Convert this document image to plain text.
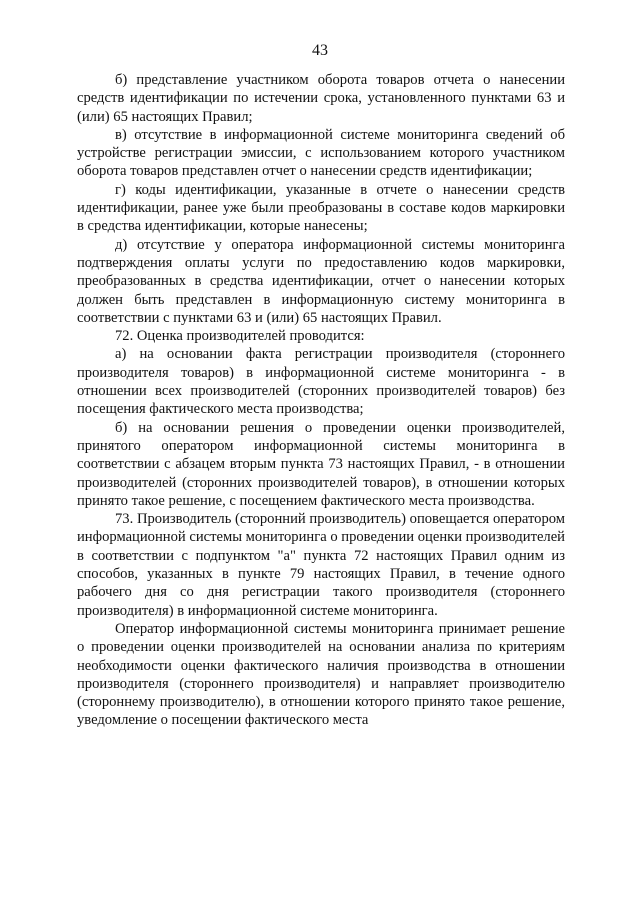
43

б) представление участником оборота товаров отчета о нанесении средств идентификации по истечении срока, установленного пунктами 63 и (или) 65 настоящих Правил;

в) отсутствие в информационной системе мониторинга сведений об устройстве регистрации эмиссии, с использованием которого участником оборота товаров представлен отчет о нанесении средств идентификации;

г) коды идентификации, указанные в отчете о нанесении средств идентификации, ранее уже были преобразованы в составе кодов маркировки в средства идентификации, которые нанесены;

д) отсутствие у оператора информационной системы мониторинга подтверждения оплаты услуги по предоставлению кодов маркировки, преобразованных в средства идентификации, отчет о нанесении которых должен быть представлен в информационную систему мониторинга в соответствии с пунктами 63 и (или) 65 настоящих Правил.

72. Оценка производителей проводится:

а) на основании факта регистрации производителя (стороннего производителя товаров) в информационной системе мониторинга - в отношении всех производителей (сторонних производителей товаров) без посещения фактического места производства;

б) на основании решения о проведении оценки производителей, принятого оператором информационной системы мониторинга в соответствии с абзацем вторым пункта 73 настоящих Правил, - в отношении производителей (сторонних производителей товаров), в отношении которых принято такое решение, с посещением фактического места производства.

73. Производитель (сторонний производитель) оповещается оператором информационной системы мониторинга о проведении оценки производителей в соответствии с подпунктом "а" пункта 72 настоящих Правил одним из способов, указанных в пункте 79 настоящих Правил, в течение одного рабочего дня со дня регистрации такого производителя (стороннего производителя) в информационной системе мониторинга.

Оператор информационной системы мониторинга принимает решение о проведении оценки производителей на основании анализа по критериям необходимости оценки фактического наличия производства в отношении производителя (стороннего производителя) и направляет производителю (стороннему производителю), в отношении которого принято такое решение, уведомление о посещении фактического места
